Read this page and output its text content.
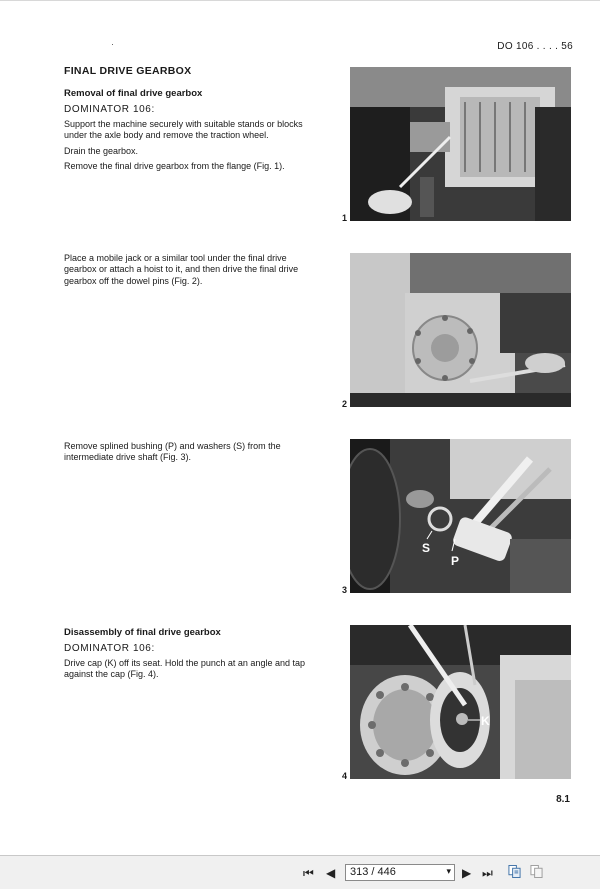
DO 106 . . . . 56
FINAL DRIVE GEARBOX

Removal of final drive gearbox

DOMINATOR 106:

Support the machine securely with suitable stands or blocks under the axle body and remove the traction wheel.

Drain the gearbox.

Remove the final drive gearbox from the flange (Fig. 1).

Place a mobile jack or a similar tool under the final drive gearbox or attach a hoist to it, and then drive the final drive gearbox off the dowel pins (Fig. 2).

Remove splined bushing (P) and washers (S) from the intermediate drive shaft (Fig. 3).

Disassembly of final drive gearbox

DOMINATOR 106:

Drive cap (K) off its seat. Hold the punch at an angle and tap against the cap (Fig. 4).

1
2
S
P
3
K
4
8.1
⏮ ◀	313 / 446	▾ ▶ ⏭
